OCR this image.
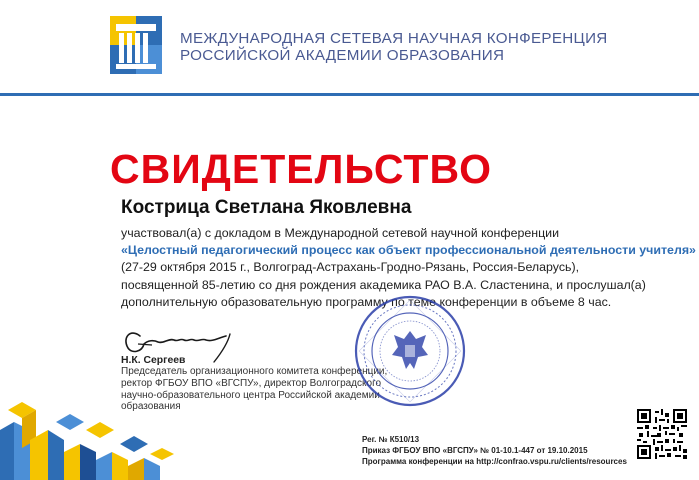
МЕЖДУНАРОДНАЯ СЕТЕВАЯ НАУЧНАЯ КОНФЕРЕНЦИЯ
РОССИЙСКОЙ АКАДЕМИИ ОБРАЗОВАНИЯ
СВИДЕТЕЛЬСТВО
Кострица Светлана Яковлевна
участвовал(а) с докладом в Международной сетевой научной конференции
«Целостный педагогический процесс как объект профессиональной деятельности учителя»
(27-29 октября 2015 г., Волгоград-Астрахань-Гродно-Рязань, Россия-Беларусь),
посвященной 85-летию со дня рождения академика РАО В.А. Сластенина, и прослушал(а)
дополнительную образовательную программу по теме конференции в объеме 8 час.
Н.К. Сергеев
Председатель организационного комитета конференции,
ректор ФГБОУ ВПО «ВГСПУ», директор Волгоградского
научно-образовательного центра Российской академии
образования
Рег. № К510/13
Приказ ФГБОУ ВПО «ВГСПУ» № 01-10.1-447 от 19.10.2015
Программа конференции на http://confrao.vspu.ru/clients/resources
